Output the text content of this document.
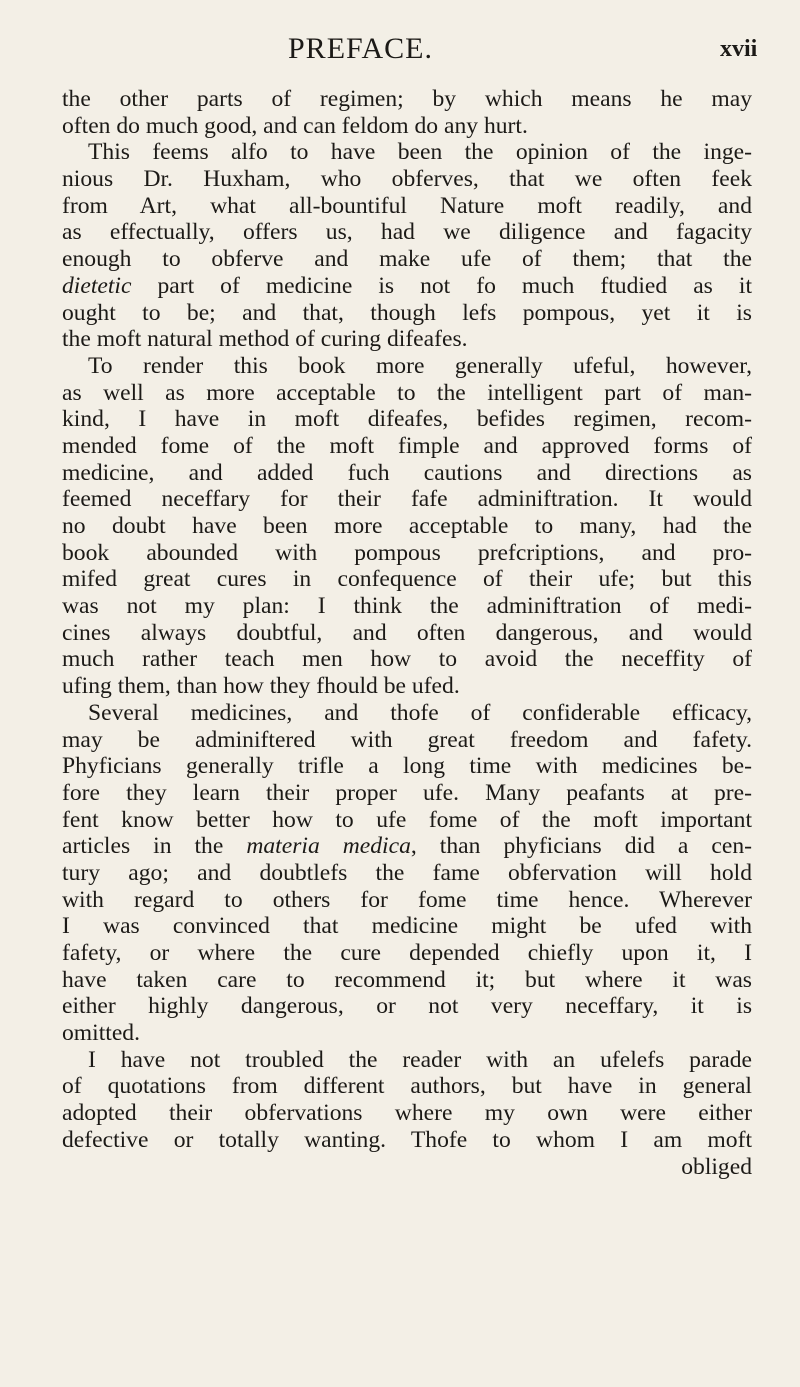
PREFACE.	xvii
the other parts of regimen; by which means he may
often do much good, and can feldom do any hurt.
This feems alfo to have been the opinion of the inge-
nious Dr. Huxham, who obferves, that we often feek
from Art, what all-bountiful Nature moft readily, and
as effectually, offers us, had we diligence and fagacity
enough to obferve and make ufe of them; that the
dietetic part of medicine is not fo much ftudied as it
ought to be; and that, though lefs pompous, yet it is
the moft natural method of curing difeafes.
To render this book more generally ufeful, however,
as well as more acceptable to the intelligent part of man-
kind, I have in moft difeafes, befides regimen, recom-
mended fome of the moft fimple and approved forms of
medicine, and added fuch cautions and directions as
feemed neceffary for their fafe adminiftration. It would
no doubt have been more acceptable to many, had the
book abounded with pompous prefcriptions, and pro-
mifed great cures in confequence of their ufe; but this
was not my plan: I think the adminiftration of medi-
cines always doubtful, and often dangerous, and would
much rather teach men how to avoid the neceffity of
ufing them, than how they fhould be ufed.
Several medicines, and thofe of confiderable efficacy,
may be adminiftered with great freedom and fafety.
Phyficians generally trifle a long time with medicines be-
fore they learn their proper ufe. Many peafants at pre-
fent know better how to ufe fome of the moft important
articles in the materia medica, than phyficians did a cen-
tury ago; and doubtlefs the fame obfervation will hold
with regard to others for fome time hence. Wherever
I was convinced that medicine might be ufed with
fafety, or where the cure depended chiefly upon it, I
have taken care to recommend it; but where it was
either highly dangerous, or not very neceffary, it is
omitted.
I have not troubled the reader with an ufelefs parade
of quotations from different authors, but have in general
adopted their obfervations where my own were either
defective or totally wanting. Thofe to whom I am moft
obliged
